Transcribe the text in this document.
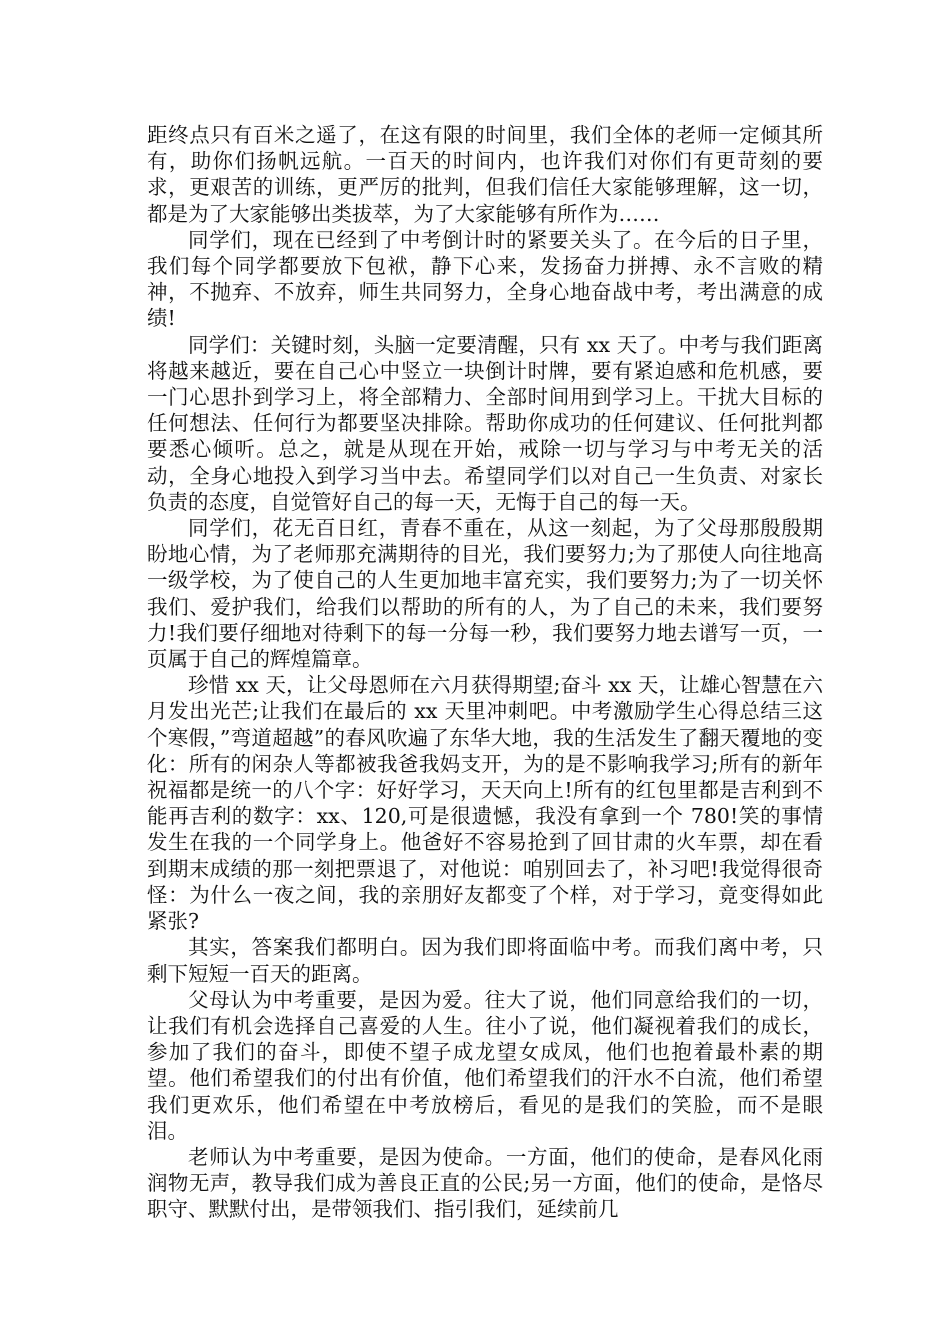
距终点只有百米之遥了，在这有限的时间里，我们全体的老师一定倾其所有，助你们扬帆远航。一百天的时间内，也许我们对你们有更苛刻的要求，更艰苦的训练，更严厉的批判，但我们信任大家能够理解，这一切，都是为了大家能够出类拔萃，为了大家能够有所作为……

同学们，现在已经到了中考倒计时的紧要关头了。在今后的日子里，我们每个同学都要放下包袱，静下心来，发扬奋力拼搏、永不言败的精神，不抛弃、不放弃，师生共同努力，全身心地奋战中考，考出满意的成绩!

同学们：关键时刻，头脑一定要清醒，只有 xx 天了。中考与我们距离将越来越近，要在自己心中竖立一块倒计时牌，要有紧迫感和危机感，要一门心思扑到学习上，将全部精力、全部时间用到学习上。干扰大目标的任何想法、任何行为都要坚决排除。帮助你成功的任何建议、任何批判都要悉心倾听。总之，就是从现在开始，戒除一切与学习与中考无关的活动，全身心地投入到学习当中去。希望同学们以对自己一生负责、对家长负责的态度，自觉管好自己的每一天，无悔于自己的每一天。

同学们，花无百日红，青春不重在，从这一刻起，为了父母那殷殷期盼地心情，为了老师那充满期待的目光，我们要努力;为了那使人向往地高一级学校，为了使自己的人生更加地丰富充实，我们要努力;为了一切关怀我们、爱护我们，给我们以帮助的所有的人，为了自己的未来，我们要努力!我们要仔细地对待剩下的每一分每一秒，我们要努力地去谱写一页，一页属于自己的辉煌篇章。

珍惜 xx 天，让父母恩师在六月获得期望;奋斗 xx 天，让雄心智慧在六月发出光芒;让我们在最后的 xx 天里冲刺吧。中考激励学生心得总结三这个寒假，”弯道超越”的春风吹遍了东华大地，我的生活发生了翻天覆地的变化：所有的闲杂人等都被我爸我妈支开，为的是不影响我学习;所有的新年祝福都是统一的八个字：好好学习，天天向上!所有的红包里都是吉利到不能再吉利的数字：xx、120,可是很遗憾，我没有拿到一个 780!笑的事情发生在我的一个同学身上。他爸好不容易抢到了回甘肃的火车票，却在看到期末成绩的那一刻把票退了，对他说：咱别回去了，补习吧!我觉得很奇怪：为什么一夜之间，我的亲朋好友都变了个样，对于学习，竟变得如此紧张?

其实，答案我们都明白。因为我们即将面临中考。而我们离中考，只剩下短短一百天的距离。

父母认为中考重要，是因为爱。往大了说，他们同意给我们的一切，让我们有机会选择自己喜爱的人生。往小了说，他们凝视着我们的成长，参加了我们的奋斗，即使不望子成龙望女成凤，他们也抱着最朴素的期望。他们希望我们的付出有价值，他们希望我们的汗水不白流，他们希望我们更欢乐，他们希望在中考放榜后，看见的是我们的笑脸，而不是眼泪。

老师认为中考重要，是因为使命。一方面，他们的使命，是春风化雨润物无声，教导我们成为善良正直的公民;另一方面，他们的使命，是恪尽职守、默默付出，是带领我们、指引我们，延续前几
